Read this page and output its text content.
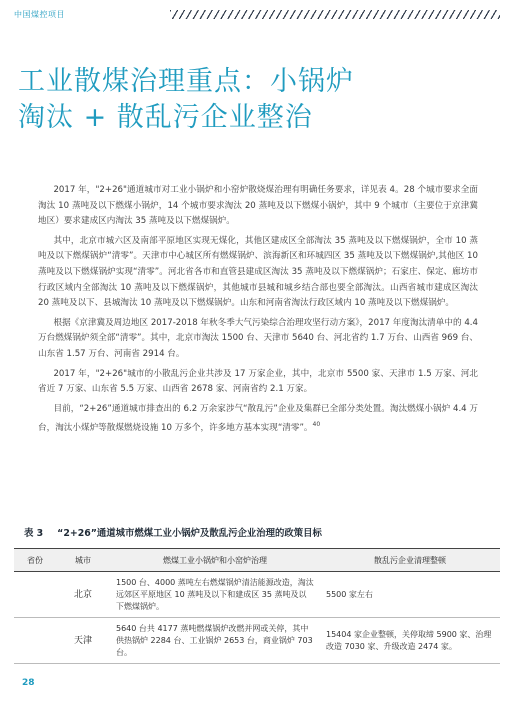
中国煤控项目
工业散煤治理重点：小锅炉
淘汰 + 散乱污企业整治

2017 年，"2+26"通道城市对工业小锅炉和小窑炉散烧煤治理有明确任务要求，详见表 4。28 个城市要求全面淘汰 10 蒸吨及以下燃煤小锅炉，14 个城市要求淘汰 20 蒸吨及以下燃煤小锅炉，其中 9 个城市（主要位于京津冀地区）要求建成区内淘汰 35 蒸吨及以下燃煤锅炉。

其中，北京市城六区及南部平原地区实现无煤化，其他区建成区全部淘汰 35 蒸吨及以下燃煤锅炉，全市 10 蒸吨及以下燃煤锅炉“清零”。天津市中心城区所有燃煤锅炉、滨海新区和环城四区 35 蒸吨及以下燃煤锅炉,其他区 10 蒸吨及以下燃煤锅炉实现“清零”。河北省各市和直管县建成区淘汰 35 蒸吨及以下燃煤锅炉；石家庄、保定、廊坊市行政区域内全部淘汰 10 蒸吨及以下燃煤锅炉，其他城市县城和城乡结合部也要全部淘汰。山西省城市建成区淘汰 20 蒸吨及以下、县城淘汰 10 蒸吨及以下燃煤锅炉。山东和河南省淘汰行政区域内 10 蒸吨及以下燃煤锅炉。

根据《京津冀及周边地区 2017-2018 年秋冬季大气污染综合治理攻坚行动方案》，2017 年度淘汰清单中的 4.4 万台燃煤锅炉须全部“清零”。其中，北京市淘汰 1500 台、天津市 5640 台、河北省约 1.7 万台、山西省 969 台、山东省 1.57 万台、河南省 2914 台。

2017 年，"2+26"城市的小散乱污企业共涉及 17 万家企业，其中，北京市 5500 家、天津市 1.5 万家、河北省近 7 万家、山东省 5.5 万家、山西省 2678 家、河南省约 2.1 万家。

目前，“2+26”通道城市排查出的 6.2 万余家涉气“散乱污”企业及集群已全部分类处置。淘汰燃煤小锅炉 4.4 万台，淘汰小煤炉等散煤燃烧设施 10 万多个，许多地方基本实现“清零”。$^{40}$

表 3 “2+26”通道城市燃煤工业小锅炉及散乱污企业治理的政策目标
省份	城市	燃煤工业小锅炉和小窑炉治理	散乱污企业清理整顿
	北京	1500 台、4000 蒸吨左右燃煤锅炉清洁能源改造，淘汰远郊区平原地区 10 蒸吨及以下和建成区 35 蒸吨及以下燃煤锅炉。	5500 家左右
	天津	5640 台共 4177 蒸吨燃煤锅炉改燃并网或关停，其中供热锅炉 2284 台、工业锅炉 2653 台，商业锅炉 703 台。	15404 家企业整顿，关停取缔 5900 家、治理改造 7030 家、升级改造 2474 家。
28
